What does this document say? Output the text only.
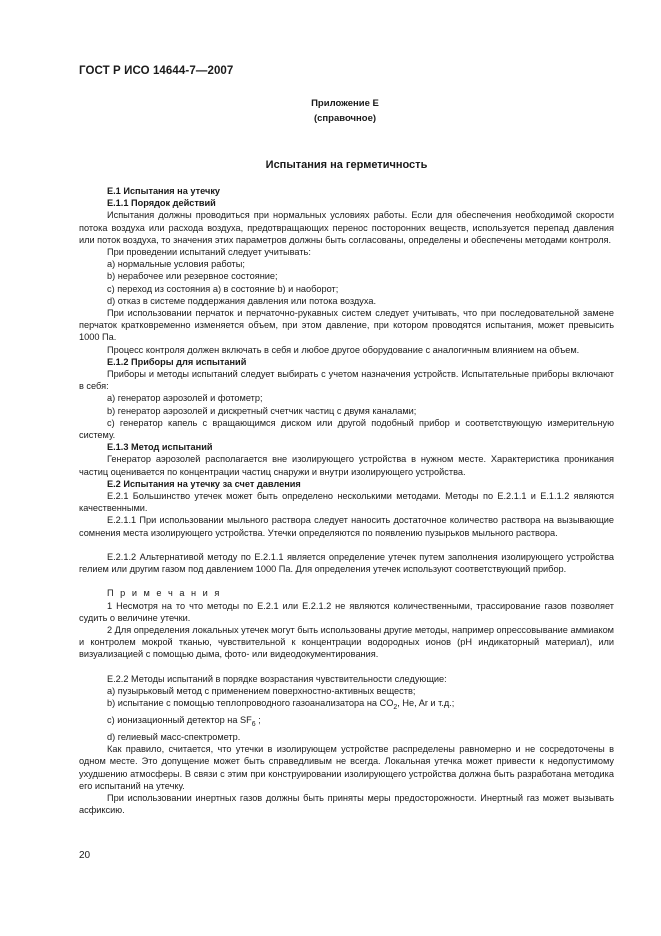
ГОСТ Р ИСО 14644-7—2007
Приложение Е
(справочное)
Испытания на герметичность

Е.1 Испытания на утечку

Е.1.1 Порядок действий

Испытания должны проводиться при нормальных условиях работы. Если для обеспечения необходимой скорости потока воздуха или расхода воздуха, предотвращающих перенос посторонних веществ, используется перепад давления или поток воздуха, то значения этих параметров должны быть согласованы, определены и обеспечены методами контроля.

При проведении испытаний следует учитывать:

a) нормальные условия работы;

b) нерабочее или резервное состояние;

c) переход из состояния a) в состояние b) и наоборот;

d) отказ в системе поддержания давления или потока воздуха.

При использовании перчаток и перчаточно-рукавных систем следует учитывать, что при последовательной замене перчаток кратковременно изменяется объем, при этом давление, при котором проводятся испытания, может превысить 1000 Па.

Процесс контроля должен включать в себя и любое другое оборудование с аналогичным влиянием на объем.

Е.1.2 Приборы для испытаний

Приборы и методы испытаний следует выбирать с учетом назначения устройств. Испытательные приборы включают в себя:

a) генератор аэрозолей и фотометр;

b) генератор аэрозолей и дискретный счетчик частиц с двумя каналами;

c) генератор капель с вращающимся диском или другой подобный прибор и соответствующую измерительную систему.

Е.1.3 Метод испытаний

Генератор аэрозолей располагается вне изолирующего устройства в нужном месте. Характеристика проникания частиц оценивается по концентрации частиц снаружи и внутри изолирующего устройства.

Е.2 Испытания на утечку за счет давления

Е.2.1 Большинство утечек может быть определено несколькими методами. Методы по Е.2.1.1 и Е.1.1.2 являются качественными.

Е.2.1.1 При использовании мыльного раствора следует наносить достаточное количество раствора на вызывающие сомнения места изолирующего устройства. Утечки определяются по появлению пузырьков мыльного раствора.

Е.2.1.2 Альтернативой методу по Е.2.1.1 является определение утечек путем заполнения изолирующего устройства гелием или другим газом под давлением 1000 Па. Для определения утечек используют соответствующий прибор.

П р и м е ч а н и я

1 Несмотря на то что методы по Е.2.1 или Е.2.1.2 не являются количественными, трассирование газов позволяет судить о величине утечки.

2 Для определения локальных утечек могут быть использованы другие методы, например опрессовывание аммиаком и контролем мокрой тканью, чувствительной к концентрации водородных ионов (pH индикаторный материал), или визуализацией с помощью дыма, фото- или видеодокументирования.

Е.2.2 Методы испытаний в порядке возрастания чувствительности следующие:

a) пузырьковый метод с применением поверхностно-активных веществ;

b) испытание с помощью теплопроводного газоанализатора на $CO_2$, He, Ar и т.д.;

c) ионизационный детектор на $SF_6$ ;

d) гелиевый масс-спектрометр.

Как правило, считается, что утечки в изолирующем устройстве распределены равномерно и не сосредоточены в одном месте. Это допущение может быть справедливым не всегда. Локальная утечка может привести к недопустимому ухудшению атмосферы. В связи с этим при конструировании изолирующего устройства должна быть разработана методика его испытаний на утечку.

При использовании инертных газов должны быть приняты меры предосторожности. Инертный газ может вызывать асфиксию.

20
